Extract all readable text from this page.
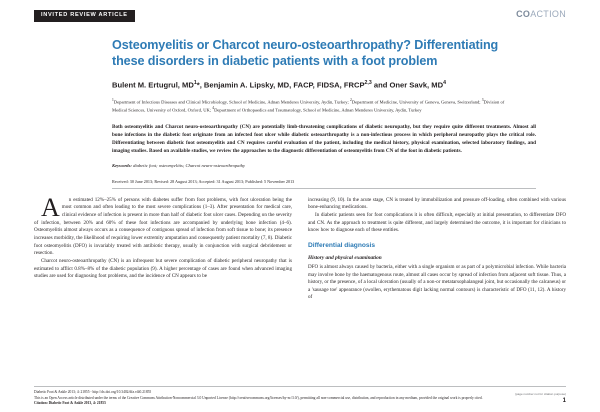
INVITED REVIEW ARTICLE	COACTION
Osteomyelitis or Charcot neuro-osteoarthropathy? Differentiating these disorders in diabetic patients with a foot problem
Bulent M. Ertugrul, $MD^1*$, Benjamin A. Lipsky, MD, FACP, FIDSA, FRCP$^{2,3}$ and Oner Savk, $MD^4$
$^1$Department of Infectious Diseases and Clinical Microbiology, School of Medicine, Adnan Menderes University, Aydin, Turkey; $^2$Department of Medicine, University of Geneva, Geneva, Switzerland; $^3$Division of Medical Sciences, University of Oxford, Oxford, UK; $^4$Department of Orthopaedics and Traumatology, School of Medicine, Adnan Menderes University, Aydin, Turkey
Both osteomyelitis and Charcot neuro-osteoarthropathy (CN) are potentially limb-threatening complications of diabetic neuropathy, but they require quite different treatments. Almost all bone infections in the diabetic foot originate from an infected foot ulcer while diabetic osteoarthropathy is a non-infectious process in which peripheral neuropathy plays the critical role. Differentiating between diabetic foot osteomyelitis and CN requires careful evaluation of the patient, including the medical history, physical examination, selected laboratory findings, and imaging studies. Based on available studies, we review the approaches to the diagnostic differentiation of osteomyelitis from CN of the foot in diabetic patients.
Keywords: diabetic foot; osteomyelitis; Charcot neuro-osteoarthropathy
Received: 30 June 2013; Revised: 28 August 2013; Accepted: 31 August 2013; Published: 5 November 2013

A	n estimated 12%–25% of persons with diabetes suffer from foot problems, with foot ulceration being the most common and often leading to the most severe complications (1–3). After presentation for medical care, clinical evidence of infection is present in more than half of diabetic foot ulcer cases. Depending on the severity of infection, between 20% and 60% of these foot infections are accompanied by underlying bone infection (4–6). Osteomyelitis almost always occurs as a consequence of contiguous spread of infection from soft tissue to bone; its presence increases morbidity, the likelihood of requiring lower extremity amputation and consequently patient mortality (7, 8). Diabetic foot osteomyelitis (DFO) is invariably treated with antibiotic therapy, usually in conjunction with surgical debridement or resection.

Charcot neuro-osteoarthropathy (CN) is an infrequent but severe complication of diabetic peripheral neuropathy that is estimated to afflict 0.8%–8% of the diabetic population (9). A higher percentage of cases are found when advanced imaging studies are used for diagnosing foot problems, and the incidence of CN appears to be

increasing (9, 10). In the acute stage, CN is treated by immobilization and pressure off-loading, often combined with various bone-enhancing medications.

In diabetic patients seen for foot complications it is often difficult, especially at initial presentation, to differentiate DFO and CN. As the approach to treatment is quite different, and largely determined the outcome, it is important for clinicians to know how to diagnose each of these entities.

Differential diagnosis
History and physical examination

DFO is almost always caused by bacteria, either with a single organism or as part of a polymicrobial infection. While bacteria may involve bone by the haematogenous route, almost all cases occur by spread of infection from adjacent soft tissue. Thus, a history, or the presence, of a local ulceration (usually of a non-or metatarsophalangeal joint, but occasionally the calcaneus) or a 'sausage toe' appearance (swollen, erythematous digit lacking normal contours) is characteristic of DFO (11, 12). A history of

Diabetic Foot & Ankle 2013; 4: 21855 - http://dx.doi.org/10.3402/dfa.v4i0.21855
This is an Open Access article distributed under the terms of the Creative Commons Attribution-Noncommercial 3.0 Unported License (http://creativecommons.org/licenses/by-nc/3.0/), permitting all non-commercial use, distribution, and reproduction in any medium, provided the original work is properly cited.
Citation: Diabetic Foot & Ankle 2013, 4: 21855
(page number not for citation purpose)
1
